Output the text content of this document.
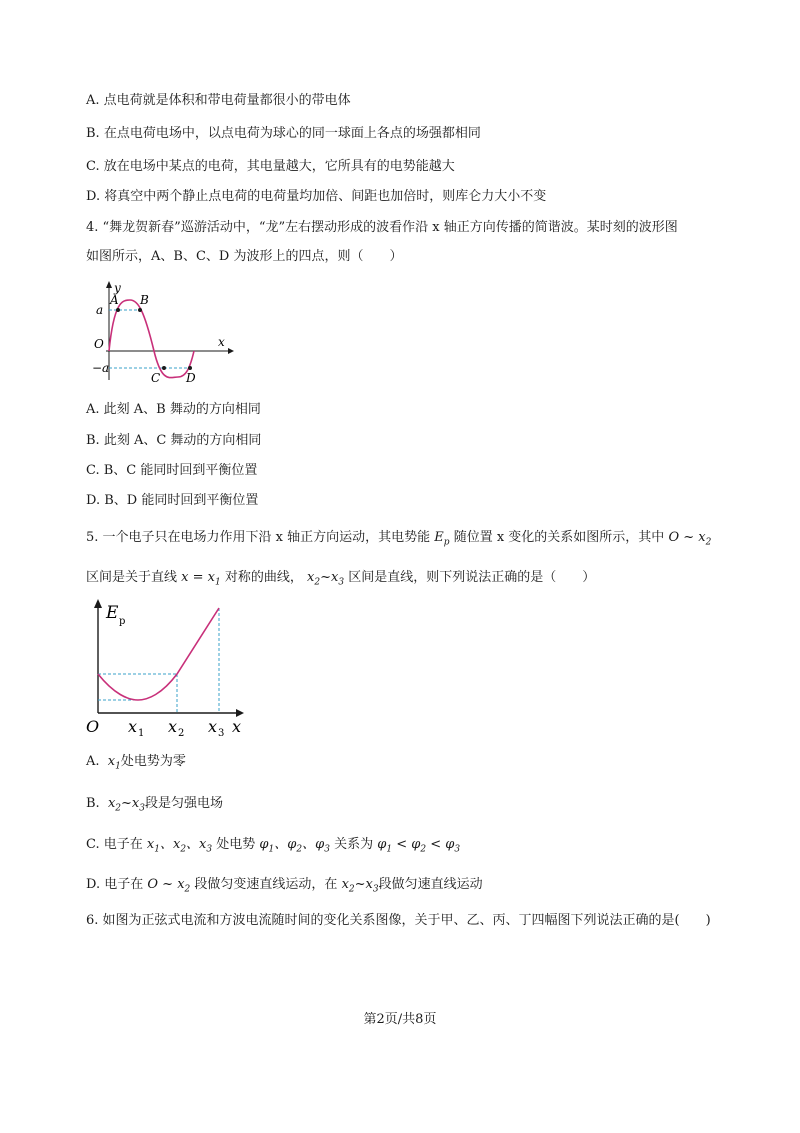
A. 点电荷就是体积和带电荷量都很小的带电体
B. 在点电荷电场中，以点电荷为球心的同一球面上各点的场强都相同
C. 放在电场中某点的电荷，其电量越大，它所具有的电势能越大
D. 将真空中两个静止点电荷的电荷量均加倍、间距也加倍时，则库仑力大小不变
4. “舞龙贺新春”巡游活动中，“龙”左右摆动形成的波看作沿 x 轴正方向传播的简谐波。某时刻的波形图
如图所示，A、B、C、D 为波形上的四点，则（　　）
y
A B
a
O
−a
C D
x
A. 此刻 A、B 舞动的方向相同
B. 此刻 A、C 舞动的方向相同
C. B、C 能同时回到平衡位置
D. B、D 能同时回到平衡位置
5. 一个电子只在电场力作用下沿 x 轴正方向运动，其电势能 $E_p$ 随位置 x 变化的关系如图所示，其中 O ~ $x_2$
区间是关于直线 $x = x_1$ 对称的曲线， $x_2\sim x_3$ 区间是直线，则下列说法正确的是（　　）
E p
O x 1 x 2 x 3 x
A.  $x_1$处电势为零
B.  $x_2\sim x_3$段是匀强电场
C. 电子在 $x_1$、$x_2$、$x_3$ 处电势 $\varphi_1$、$\varphi_2$、$\varphi_3$ 关系为 $\varphi_1 < \varphi_2 < \varphi_3$
D. 电子在 O ~ $x_2$ 段做匀变速直线运动，在 $x_2\sim x_3$段做匀速直线运动
6. 如图为正弦式电流和方波电流随时间的变化关系图像，关于甲、乙、丙、丁四幅图下列说法正确的是(　　)
第2页/共8页
